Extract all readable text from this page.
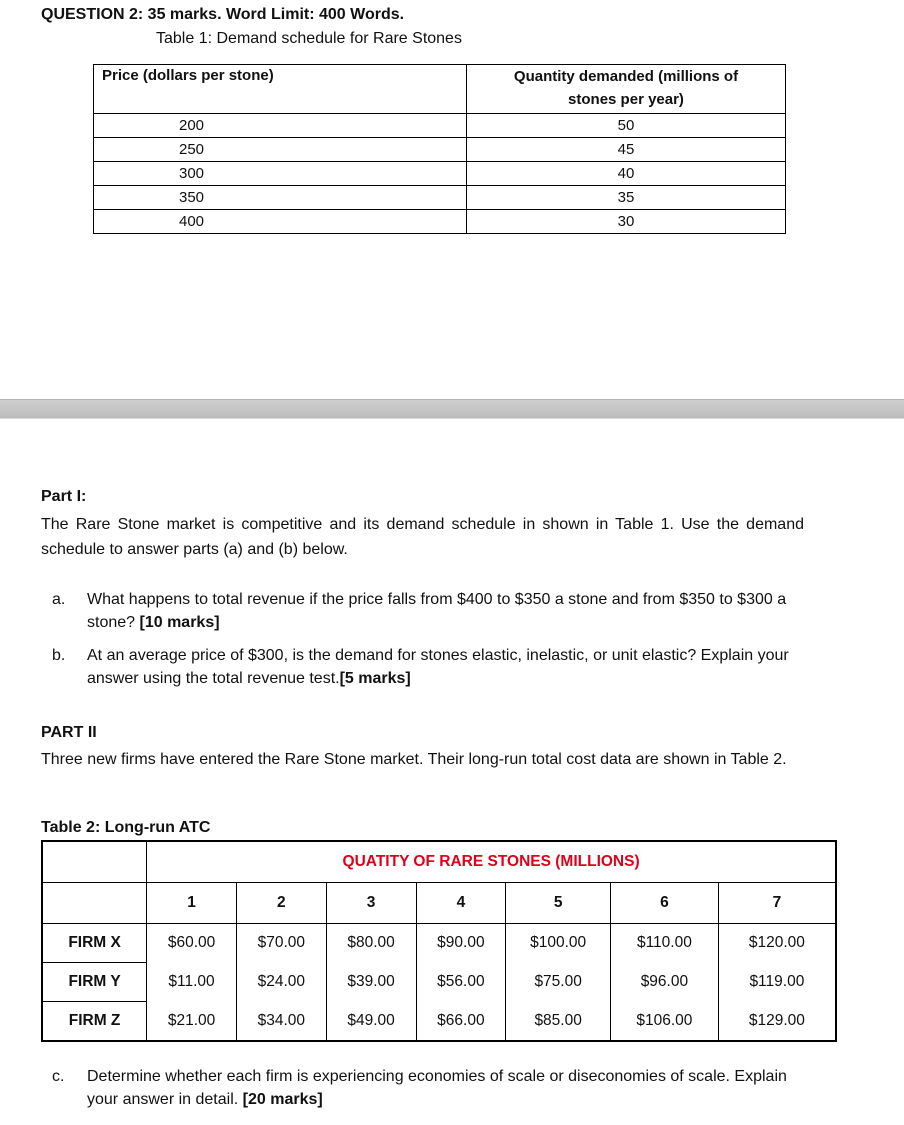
QUESTION 2: 35 marks. Word Limit: 400 Words.
Table 1: Demand schedule for Rare Stones
Price (dollars per stone)	Quantity demanded (millions of
stones per year)
200	50
250	45
300	40
350	35
400	30
Part I:
The Rare Stone market is competitive and its demand schedule in shown in Table 1. Use the demand schedule to answer parts (a) and (b) below.
a. What happens to total revenue if the price falls from $400 to $350 a stone and from $350 to $300 a stone? [10 marks]
b. At an average price of $300, is the demand for stones elastic, inelastic, or unit elastic? Explain your answer using the total revenue test.[5 marks]
PART II
Three new firms have entered the Rare Stone market. Their long-run total cost data are shown in Table 2.
Table 2: Long-run ATC
	QUATITY OF RARE STONES (MILLIONS)						
	1	2	3	4	5	6	7
FIRM X	$60.00	$70.00	$80.00	$90.00	$100.00	$110.00	$120.00
FIRM Y	$11.00	$24.00	$39.00	$56.00	$75.00	$96.00	$119.00
FIRM Z	$21.00	$34.00	$49.00	$66.00	$85.00	$106.00	$129.00
c. Determine whether each firm is experiencing economies of scale or diseconomies of scale. Explain your answer in detail. [20 marks]
